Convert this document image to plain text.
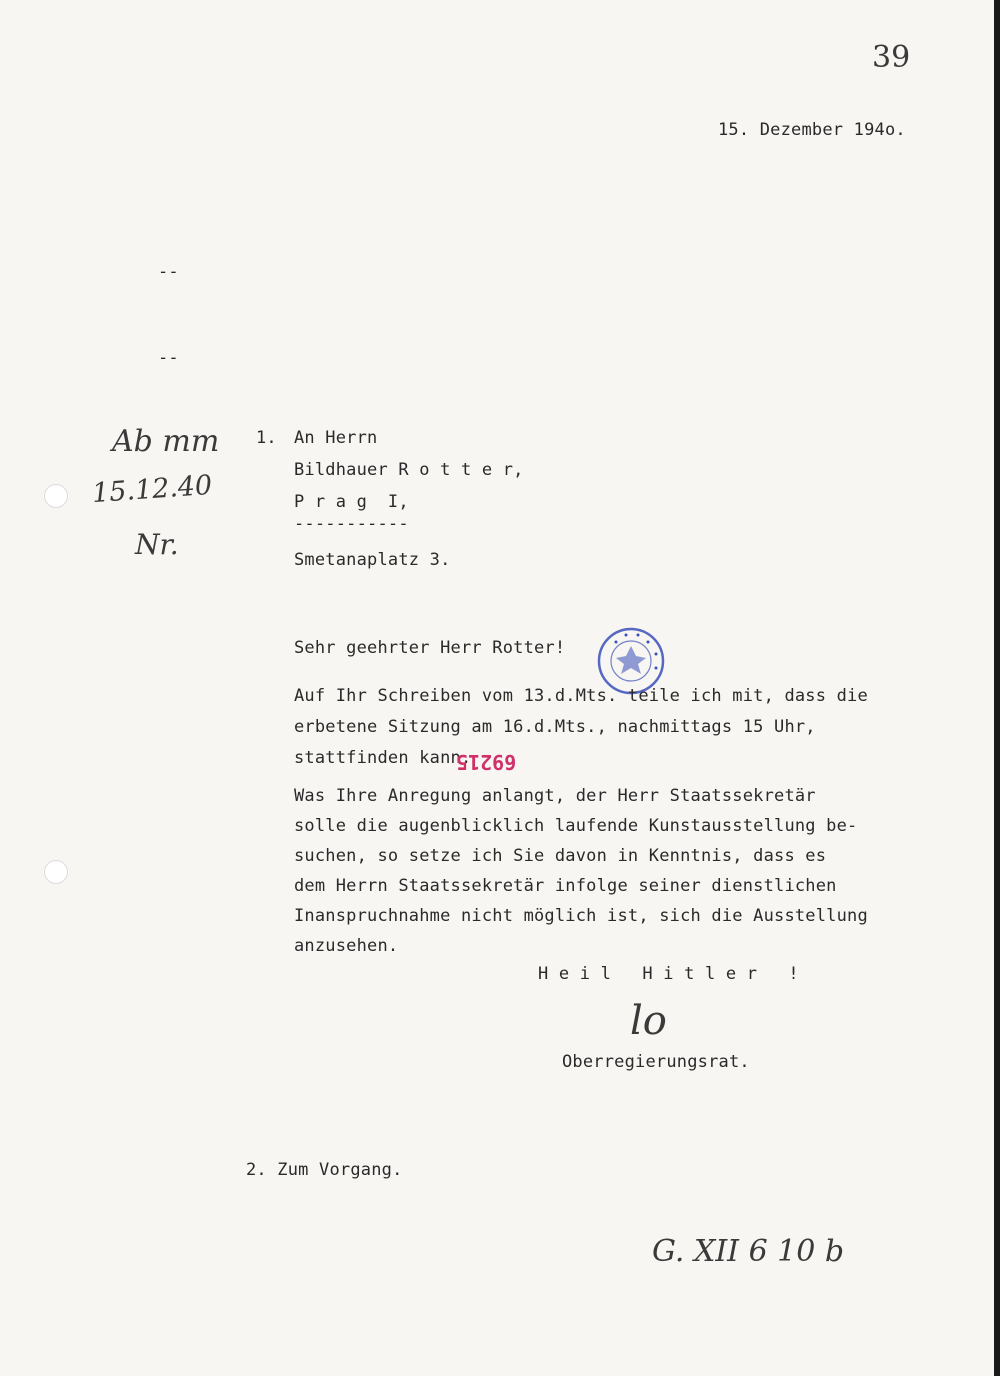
39
15. Dezember 194o.
--
--
Ab mm
15.12.40
Nr.
1. An Herrn
Bildhauer R o t t e r,
P r a g  I,
-----------
Smetanaplatz 3.
Sehr geehrter Herr Rotter!
Auf Ihr Schreiben vom 13.d.Mts. teile ich mit, dass die
erbetene Sitzung am 16.d.Mts., nachmittags 15 Uhr,
stattfinden kann.
69215
Was Ihre Anregung anlangt, der Herr Staatssekretär
solle die augenblicklich laufende Kunstausstellung be-
suchen, so setze ich Sie davon in Kenntnis, dass es
dem Herrn Staatssekretär infolge seiner dienstlichen
Inanspruchnahme nicht möglich ist, sich die Ausstellung
anzusehen.
H e i l   H i t l e r   !
lo
Oberregierungsrat.
2. Zum Vorgang.
G. XII 6 10 b
